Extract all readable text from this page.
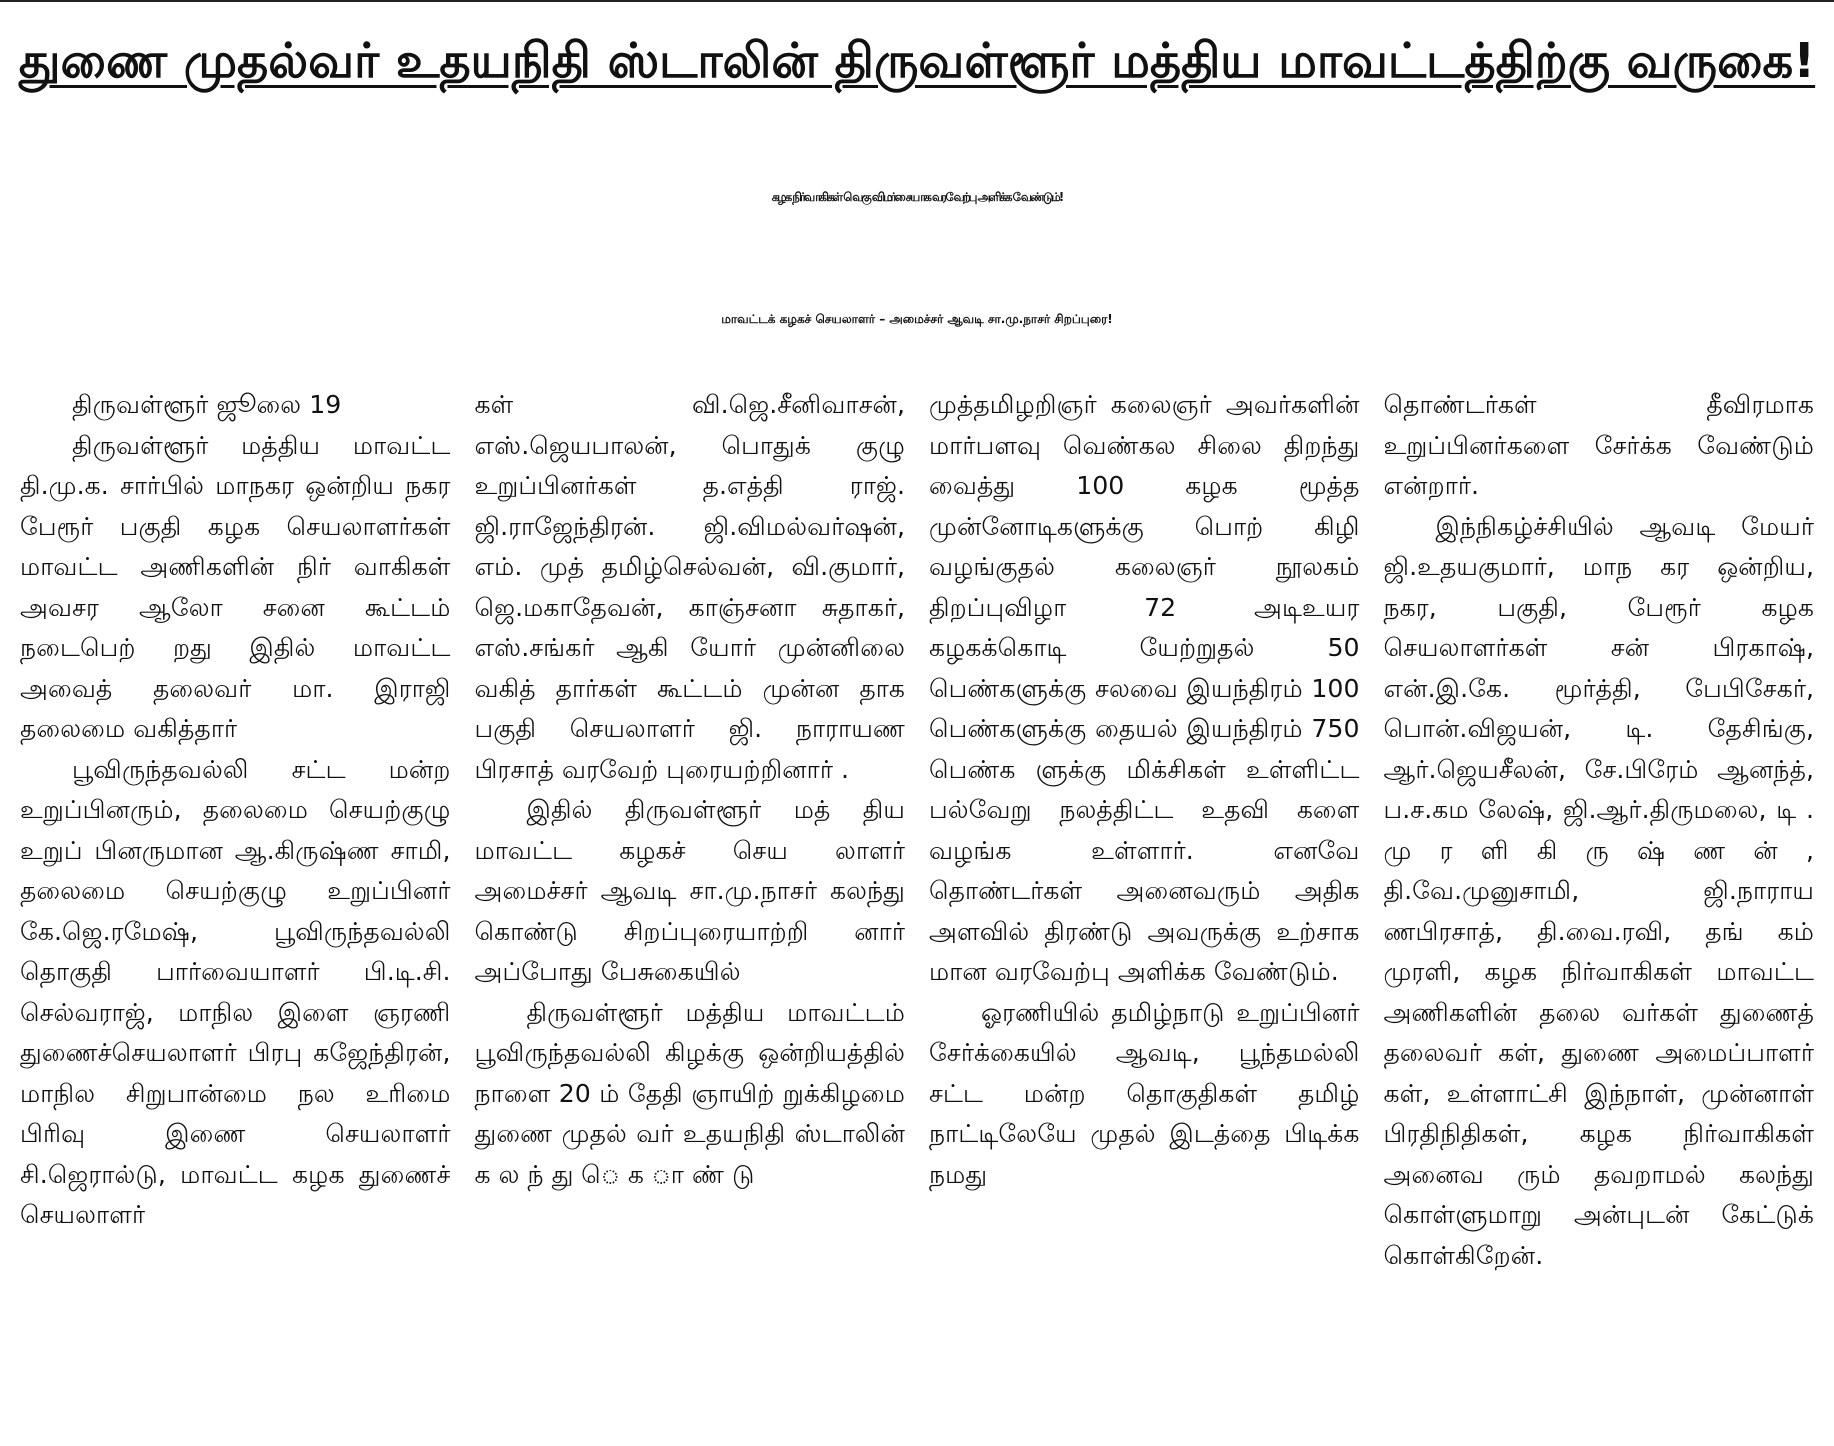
துணை முதல்வர் உதயநிதி ஸ்டாலின் திருவள்ளூர் மத்திய மாவட்டத்திற்கு வருகை!
கழக நிர்வாகிகள் வெகு விமர்சையாக வரவேற்பு அளிக்க வேண்டும்!
மாவட்டக் கழகச் செயலாளர் – அமைச்சர் ஆவடி சா.மு.நாசர் சிறப்புரை!

திருவள்ளூர் ஜூலை 19

திருவள்ளூர் மத்திய மாவட்ட தி.மு.க. சார்பில் மாநகர ஒன்றிய நகர பேரூர் பகுதி கழக செயலாளர்கள் மாவட்ட அணிகளின் நிர் வாகிகள் அவசர ஆலோ சனை கூட்டம் நடைபெற் றது இதில் மாவட்ட அவைத் தலைவர் மா. இராஜி தலைமை வகித்தார்

பூவிருந்தவல்லி சட்ட மன்ற உறுப்பினரும், தலைமை செயற்குழு உறுப் பினருமான ஆ.கிருஷ்ண சாமி, தலைமை செயற்குழு உறுப்பினர் கே.ஜெ.ரமேஷ், பூவிருந்தவல்லி தொகுதி பார்வையாளர் பி.டி.சி. செல்வராஜ், மாநில இளை ஞரணி துணைச்செயலாளர் பிரபு கஜேந்திரன், மாநில சிறுபான்மை நல உரிமை பிரிவு இணை செயலாளர் சி.ஜெரால்டு, மாவட்ட கழக துணைச் செயலாளர்

கள் வி.ஜெ.சீனிவாசன், எஸ்.ஜெயபாலன், பொதுக் குழு உறுப்பினர்கள் த.எத்தி ராஜ். ஜி.ராஜேந்திரன். ஜி.விமல்வர்ஷன், எம். முத் தமிழ்செல்வன், வி.குமார், ஜெ.மகாதேவன், காஞ்சனா சுதாகர், எஸ்.சங்கர் ஆகி யோர் முன்னிலை வகித் தார்கள் கூட்டம் முன்ன தாக பகுதி செயலாளர் ஜி. நாராயண பிரசாத் வரவேற் புரையற்றினார் .

இதில் திருவள்ளூர் மத் திய மாவட்ட கழகச் செய லாளர் அமைச்சர் ஆவடி சா.மு.நாசர் கலந்து கொண்டு சிறப்புரையாற்றி னார் அப்போது பேசுகையில்

திருவள்ளூர் மத்திய மாவட்டம் பூவிருந்தவல்லி கிழக்கு ஒன்றியத்தில் நாளை 20 ம் தேதி ஞாயிற் றுக்கிழமை துணை முதல் வர் உதயநிதி ஸ்டாலின் க ல ந் து ெ க ா ண் டு

முத்தமிழறிஞர் கலைஞர் அவர்களின் மார்பளவு வெண்கல சிலை திறந்து வைத்து 100 கழக மூத்த முன்னோடிகளுக்கு பொற் கிழி வழங்குதல் கலைஞர் நூலகம் திறப்புவிழா 72 அடிஉயர கழகக்கொடி யேற்றுதல் 50 பெண்களுக்கு சலவை இயந்திரம் 100 பெண்களுக்கு தையல் இயந்திரம் 750 பெண்க ளுக்கு மிக்சிகள் உள்ளிட்ட பல்வேறு நலத்திட்ட உதவி களை வழங்க உள்ளார். எனவே தொண்டர்கள் அனைவரும் அதிக அளவில் திரண்டு அவருக்கு உற்சாக மான வரவேற்பு அளிக்க வேண்டும்.

ஓரணியில் தமிழ்நாடு உறுப்பினர் சேர்க்கையில் ஆவடி, பூந்தமல்லி சட்ட மன்ற தொகுதிகள் தமிழ் நாட்டிலேயே முதல் இடத்தை பிடிக்க நமது

தொண்டர்கள் தீவிரமாக உறுப்பினர்களை சேர்க்க வேண்டும் என்றார்.

இந்நிகழ்ச்சியில் ஆவடி மேயர் ஜி.உதயகுமார், மாந கர ஒன்றிய, நகர, பகுதி, பேரூர் கழக செயலாளர்கள் சன் பிரகாஷ், என்.இ.கே. மூர்த்தி, பேபிசேகர், பொன்.விஜயன், டி. தேசிங்கு, ஆர்.ஜெயசீலன், சே.பிரேம் ஆனந்த், ப.ச.கம லேஷ், ஜி.ஆர்.திருமலை, டி . மு ர ளி கி ரு ஷ் ண ன் , தி.வே.முனுசாமி, ஜி.நாராய ணபிரசாத், தி.வை.ரவி, தங் கம் முரளி, கழக நிர்வாகிகள் மாவட்ட அணிகளின் தலை வர்கள் துணைத் தலைவர் கள், துணை அமைப்பாளர் கள், உள்ளாட்சி இந்நாள், முன்னாள் பிரதிநிதிகள், கழக நிர்வாகிகள் அனைவ ரும் தவறாமல் கலந்து கொள்ளுமாறு அன்புடன் கேட்டுக் கொள்கிறேன்.
